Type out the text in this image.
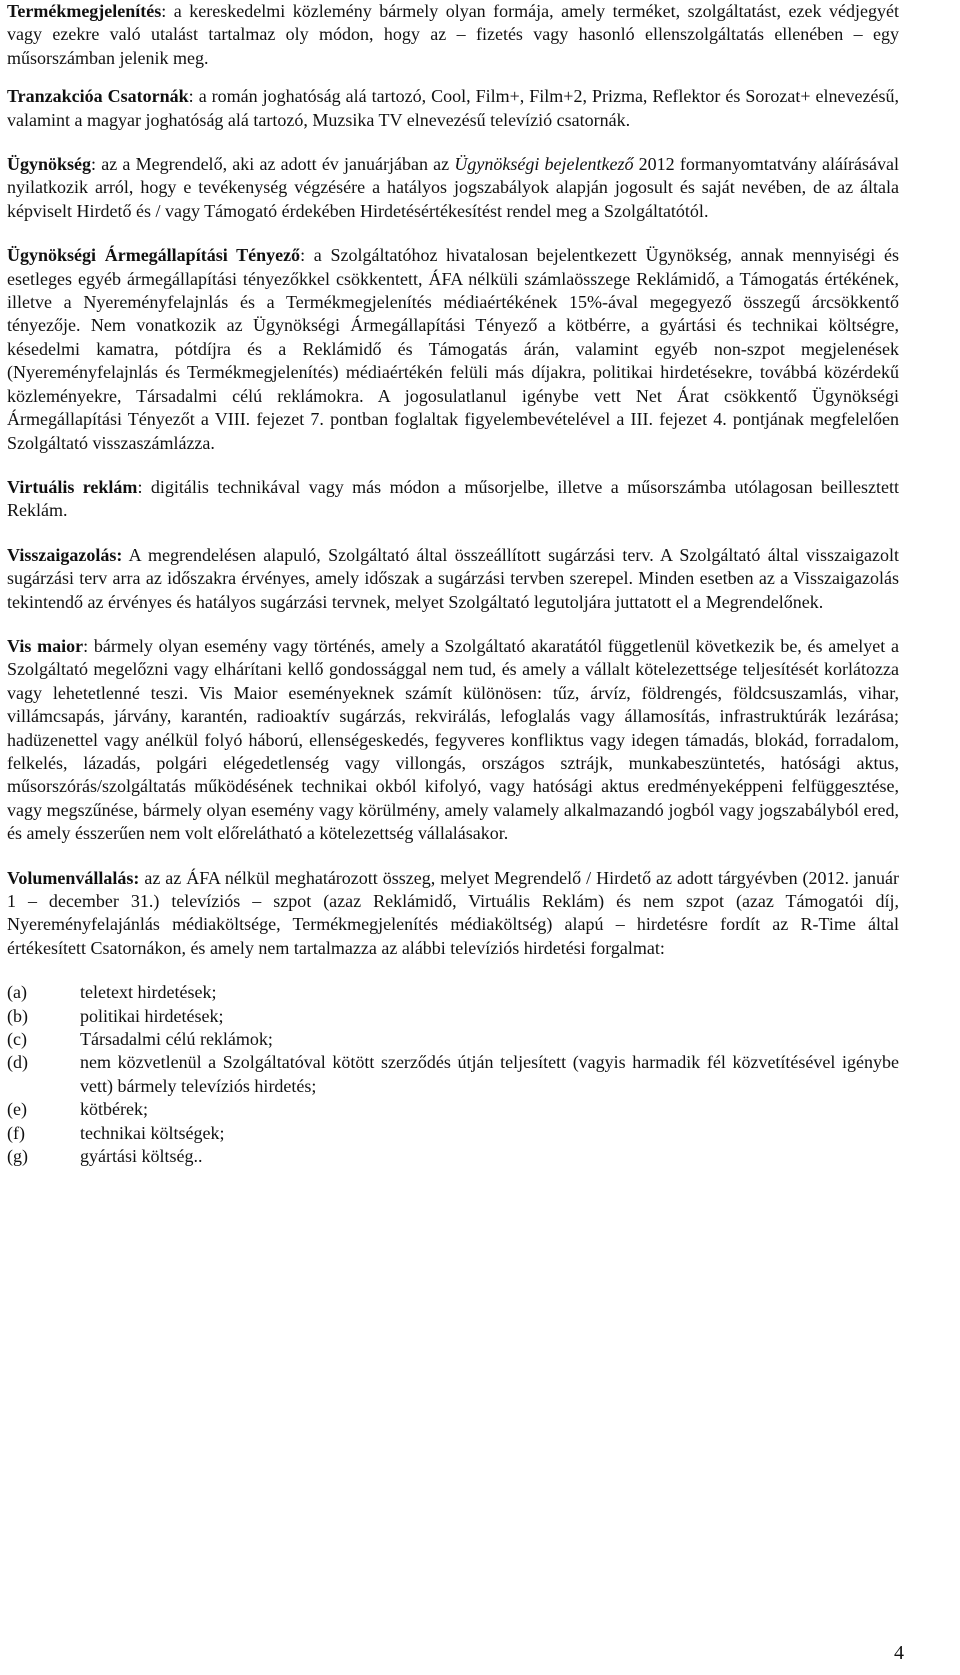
Termékmegjelenítés: a kereskedelmi közlemény bármely olyan formája, amely terméket, szolgáltatást, ezek védjegyét vagy ezekre való utalást tartalmaz oly módon, hogy az – fizetés vagy hasonló ellenszolgáltatás ellenében – egy műsorszámban jelenik meg.

Tranzakcióa Csatornák: a román joghatóság alá tartozó, Cool, Film+, Film+2, Prizma, Reflektor és Sorozat+ elnevezésű, valamint a magyar joghatóság alá tartozó, Muzsika TV elnevezésű televízió csatornák.

Ügynökség: az a Megrendelő, aki az adott év januárjában az Ügynökségi bejelentkező 2012 formanyomtatvány aláírásával nyilatkozik arról, hogy e tevékenység végzésére a hatályos jogszabályok alapján jogosult és saját nevében, de az általa képviselt Hirdető és / vagy Támogató érdekében Hirdetésértékesítést rendel meg a Szolgáltatótól.

Ügynökségi Ármegállapítási Tényező: a Szolgáltatóhoz hivatalosan bejelentkezett Ügynökség, annak mennyiségi és esetleges egyéb ármegállapítási tényezőkkel csökkentett, ÁFA nélküli számlaösszege Reklámidő, a Támogatás értékének, illetve a Nyereményfelajnlás és a Termékmegjelenítés médiaértékének 15%-ával megegyező összegű árcsökkentő tényezője. Nem vonatkozik az Ügynökségi Ármegállapítási Tényező a kötbérre, a gyártási és technikai költségre, késedelmi kamatra, pótdíjra és a Reklámidő és Támogatás árán, valamint egyéb non-szpot megjelenések (Nyereményfelajnlás és Termékmegjelenítés) médiaértékén felüli más díjakra, politikai hirdetésekre, továbbá közérdekű közleményekre, Társadalmi célú reklámokra. A jogosulatlanul igénybe vett Net Árat csökkentő Ügynökségi Ármegállapítási Tényezőt a VIII. fejezet 7. pontban foglaltak figyelembevételével a III. fejezet 4. pontjának megfelelően Szolgáltató visszaszámlázza.

Virtuális reklám: digitális technikával vagy más módon a műsorjelbe, illetve a műsorszámba utólagosan beillesztett Reklám.

Visszaigazolás: A megrendelésen alapuló, Szolgáltató által összeállított sugárzási terv. A Szolgáltató által visszaigazolt sugárzási terv arra az időszakra érvényes, amely időszak a sugárzási tervben szerepel. Minden esetben az a Visszaigazolás tekintendő az érvényes és hatályos sugárzási tervnek, melyet Szolgáltató legutoljára juttatott el a Megrendelőnek.

Vis maior: bármely olyan esemény vagy történés, amely a Szolgáltató akaratától függetlenül következik be, és amelyet a Szolgáltató megelőzni vagy elhárítani kellő gondossággal nem tud, és amely a vállalt kötelezettsége teljesítését korlátozza vagy lehetetlenné teszi. Vis Maior eseményeknek számít különösen: tűz, árvíz, földrengés, földcsuszamlás, vihar, villámcsapás, járvány, karantén, radioaktív sugárzás, rekvirálás, lefoglalás vagy államosítás, infrastruktúrák lezárása; hadüzenettel vagy anélkül folyó háború, ellenségeskedés, fegyveres konfliktus vagy idegen támadás, blokád, forradalom, felkelés, lázadás, polgári elégedetlenség vagy villongás, országos sztrájk, munkabeszüntetés, hatósági aktus, műsorszórás/szolgáltatás működésének technikai okból kifolyó, vagy hatósági aktus eredményeképpeni felfüggesztése, vagy megszűnése, bármely olyan esemény vagy körülmény, amely valamely alkalmazandó jogból vagy jogszabályból ered, és amely ésszerűen nem volt előrelátható a kötelezettség vállalásakor.

Volumenvállalás: az az ÁFA nélkül meghatározott összeg, melyet Megrendelő / Hirdető az adott tárgyévben (2012. január 1 – december 31.) televíziós – szpot (azaz Reklámidő, Virtuális Reklám) és nem szpot (azaz Támogatói díj, Nyereményfelajánlás médiaköltsége, Termékmegjelenítés médiaköltség) alapú – hirdetésre fordít az R-Time által értékesített Csatornákon, és amely nem tartalmazza az alábbi televíziós hirdetési forgalmat:

(a)	teletext hirdetések;
(b)	politikai hirdetések;
(c)	Társadalmi célú reklámok;
(d)	nem közvetlenül a Szolgáltatóval kötött szerződés útján teljesített (vagyis harmadik fél közvetítésével igénybe vett) bármely televíziós hirdetés;
(e)	kötbérek;
(f)	technikai költségek;
(g)	gyártási költség..
4
